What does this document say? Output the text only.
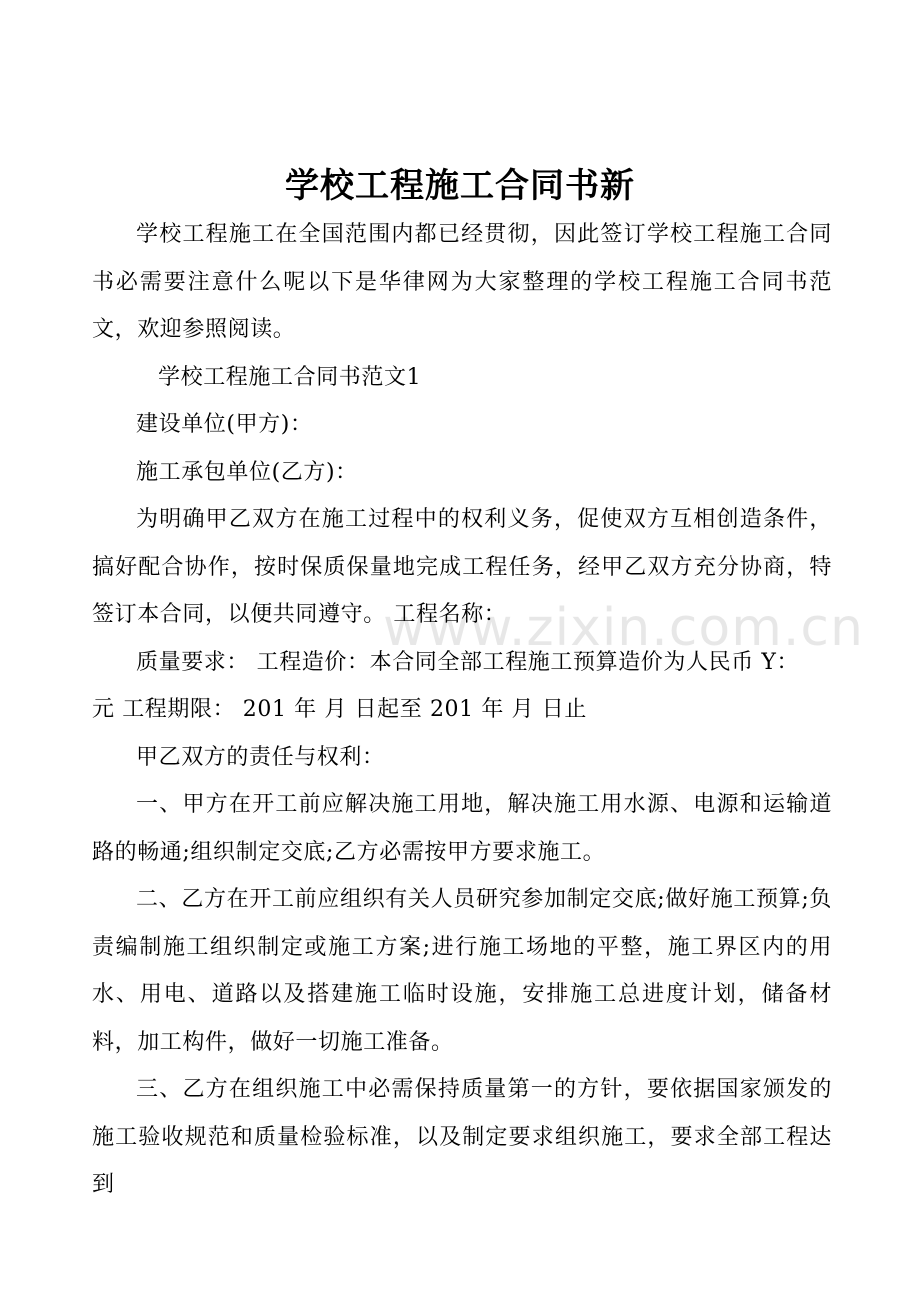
学校工程施工合同书新

学校工程施工在全国范围内都已经贯彻，因此签订学校工程施工合同书必需要注意什么呢以下是华律网为大家整理的学校工程施工合同书范文，欢迎参照阅读。

学校工程施工合同书范文1

建设单位(甲方)：

施工承包单位(乙方)：

为明确甲乙双方在施工过程中的权利义务，促使双方互相创造条件，搞好配合协作，按时保质保量地完成工程任务，经甲乙双方充分协商，特签订本合同，以便共同遵守。 工程名称：

质量要求： 工程造价：本合同全部工程施工预算造价为人民币 Y：
元 工程期限： 201 年 月 日起至 201 年 月 日止

甲乙双方的责任与权利：

一、甲方在开工前应解决施工用地，解决施工用水源、电源和运输道路的畅通;组织制定交底;乙方必需按甲方要求施工。

二、乙方在开工前应组织有关人员研究参加制定交底;做好施工预算;负责编制施工组织制定或施工方案;进行施工场地的平整，施工界区内的用水、用电、道路以及搭建施工临时设施，安排施工总进度计划，储备材料，加工构件，做好一切施工准备。

三、乙方在组织施工中必需保持质量第一的方针，要依据国家颁发的施工验收规范和质量检验标准，以及制定要求组织施工，要求全部工程达到

www.zixin.com.cn
